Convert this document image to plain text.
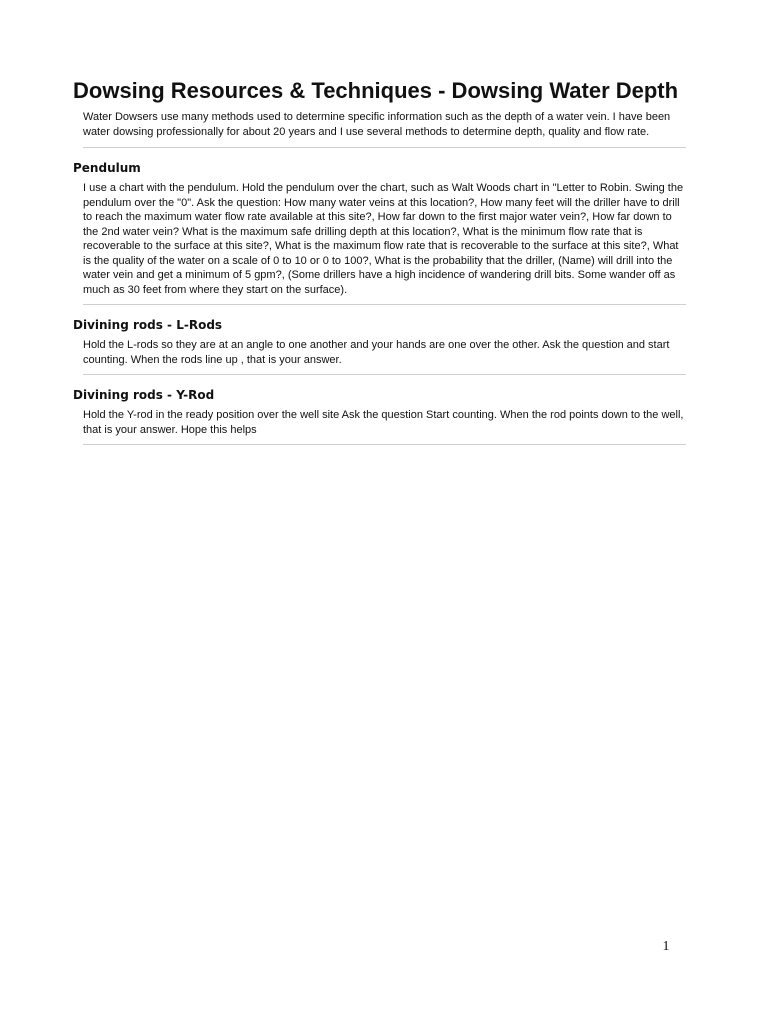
Dowsing Resources & Techniques - Dowsing Water Depth

Water Dowsers use many methods used to determine specific information such as the depth of a water vein. I have been water dowsing professionally for about 20 years and I use several methods to determine depth, quality and flow rate.

Pendulum

I use a chart with the pendulum. Hold the pendulum over the chart, such as Walt Woods chart in "Letter to Robin. Swing the pendulum over the "0". Ask the question: How many water veins at this location?, How many feet will the driller have to drill to reach the maximum water flow rate available at this site?, How far down to the first major water vein?, How far down to the 2nd water vein? What is the maximum safe drilling depth at this location?, What is the minimum flow rate that is recoverable to the surface at this site?, What is the maximum flow rate that is recoverable to the surface at this site?, What is the quality of the water on a scale of 0 to 10 or 0 to 100?, What is the probability that the driller, (Name) will drill into the water vein and get a minimum of 5 gpm?, (Some drillers have a high incidence of wandering drill bits. Some wander off as much as 30 feet from where they start on the surface).

Divining rods - L-Rods

Hold the L-rods so they are at an angle to one another and your hands are one over the other. Ask the question and start counting. When the rods line up , that is your answer.

Divining rods - Y-Rod

Hold the Y-rod in the ready position over the well site Ask the question Start counting. When the rod points down to the well, that is your answer. Hope this helps

1
